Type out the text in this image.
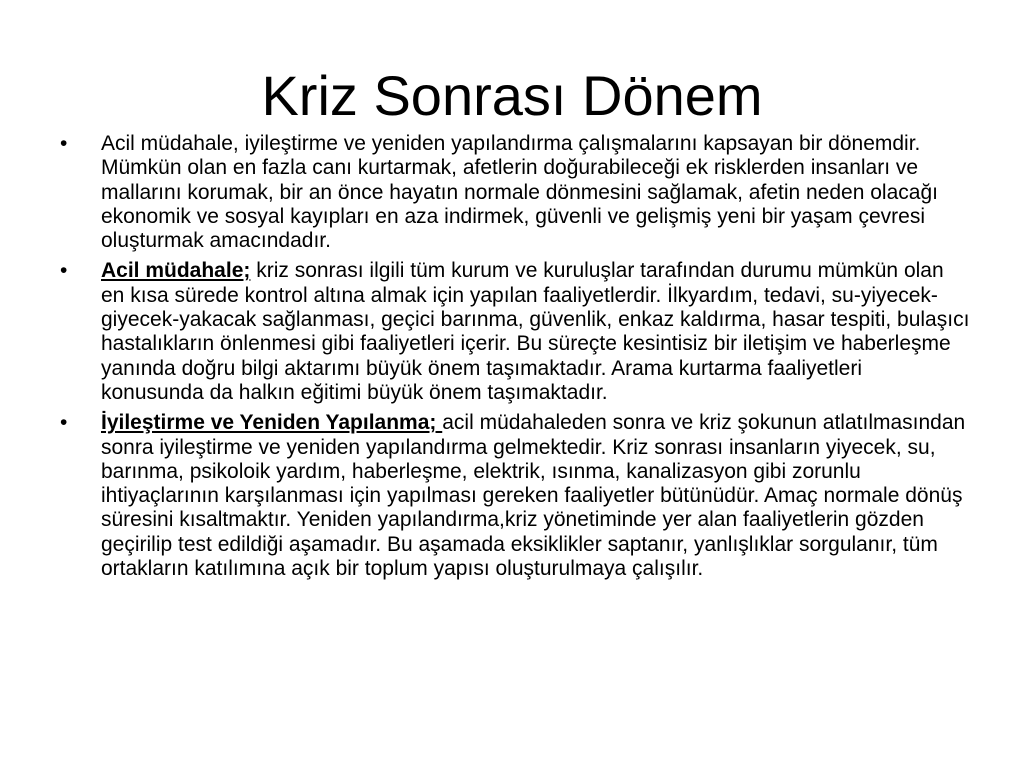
Kriz Sonrası Dönem
•	Acil müdahale, iyileştirme ve yeniden yapılandırma çalışmalarını kapsayan bir dönemdir. Mümkün olan en fazla canı kurtarmak, afetlerin doğurabileceği ek risklerden insanları ve mallarını korumak, bir an önce hayatın normale dönmesini sağlamak, afetin neden olacağı ekonomik ve sosyal kayıpları en aza indirmek, güvenli ve gelişmiş yeni bir yaşam çevresi oluşturmak amacındadır.
•	Acil müdahale; kriz sonrası ilgili tüm kurum ve kuruluşlar tarafından durumu mümkün olan en kısa sürede kontrol altına almak için yapılan faaliyetlerdir. İlkyardım, tedavi, su-yiyecek-giyecek-yakacak sağlanması, geçici barınma, güvenlik, enkaz kaldırma, hasar tespiti, bulaşıcı hastalıkların önlenmesi gibi faaliyetleri içerir. Bu süreçte kesintisiz bir iletişim ve haberleşme yanında doğru bilgi aktarımı büyük önem taşımaktadır. Arama kurtarma faaliyetleri konusunda da halkın eğitimi büyük önem taşımaktadır.
•	İyileştirme ve Yeniden Yapılanma; acil müdahaleden sonra ve kriz şokunun atlatılmasından sonra iyileştirme ve yeniden yapılandırma gelmektedir. Kriz sonrası insanların yiyecek, su, barınma, psikoloik yardım, haberleşme, elektrik, ısınma, kanalizasyon gibi zorunlu ihtiyaçlarının karşılanması için yapılması gereken faaliyetler bütünüdür. Amaç normale dönüş süresini kısaltmaktır. Yeniden yapılandırma,kriz yönetiminde yer alan faaliyetlerin gözden geçirilip test edildiği aşamadır. Bu aşamada eksiklikler saptanır, yanlışlıklar sorgulanır, tüm ortakların katılımına açık bir toplum yapısı oluşturulmaya çalışılır.
